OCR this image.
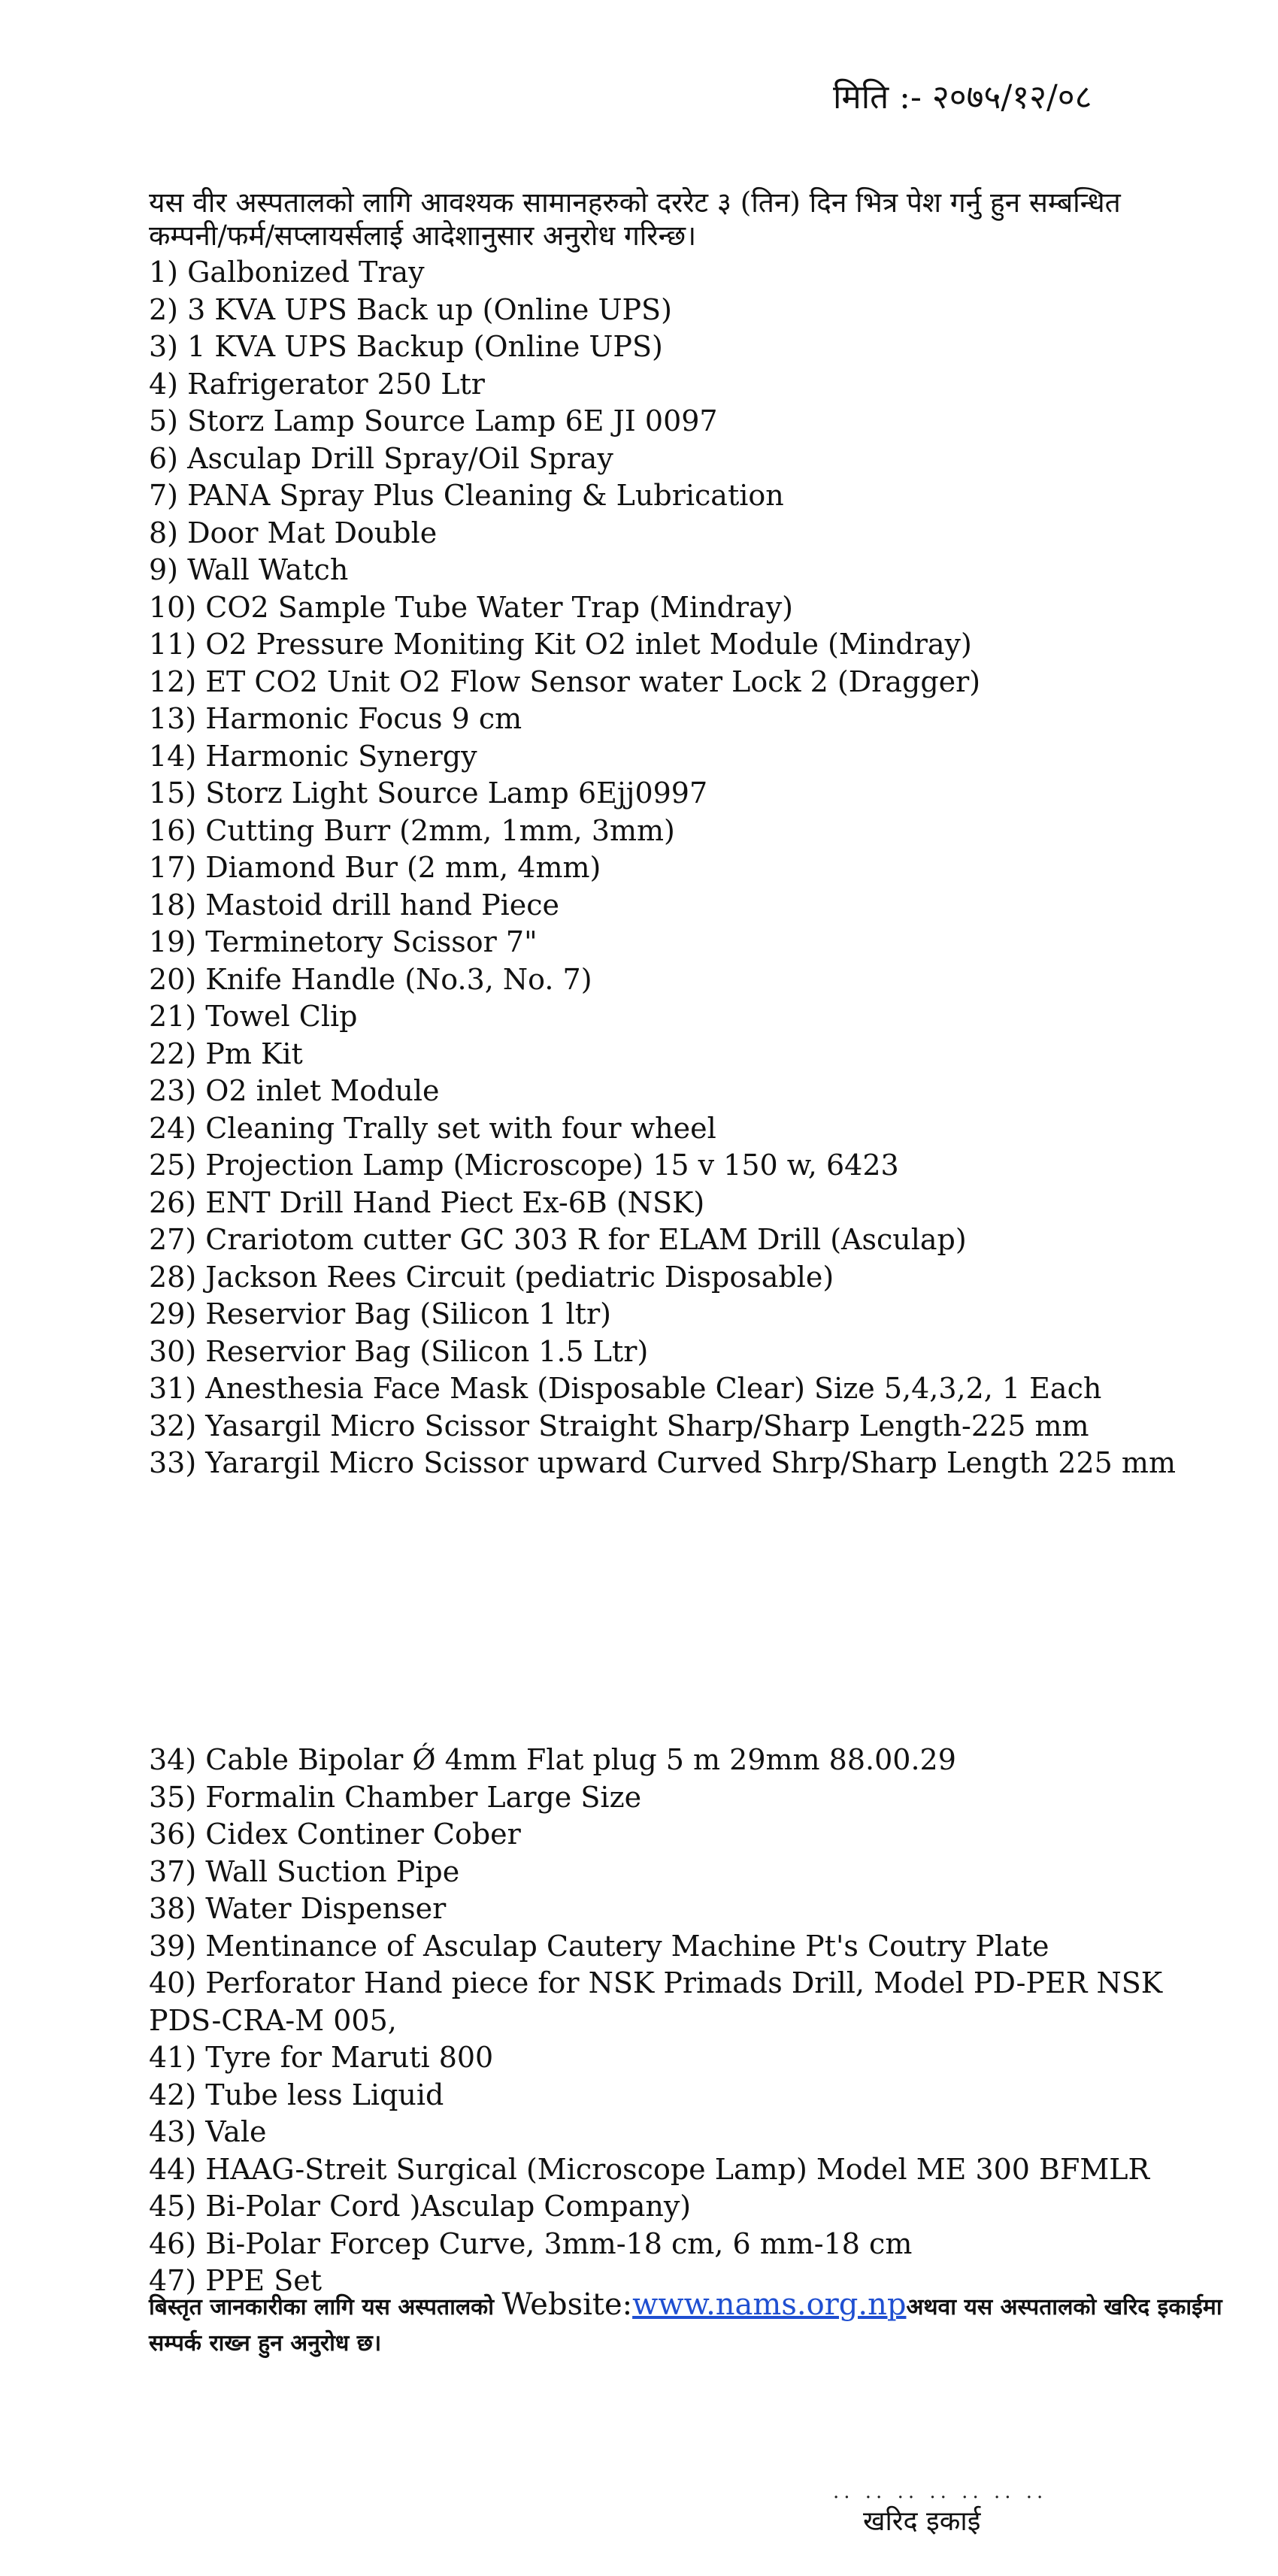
मिति :- २०७५/१२/०८
यस वीर अस्पतालको लागि आवश्यक सामानहरुको दररेट ३ (तिन) दिन भित्र पेश गर्नु हुन सम्बन्धित कम्पनी/फर्म/सप्लायर्सलाई आदेशानुसार अनुरोध गरिन्छ।
1) Galbonized Tray
2) 3 KVA UPS Back up (Online UPS)
3) 1 KVA UPS Backup (Online UPS)
4) Rafrigerator 250 Ltr
5) Storz Lamp Source Lamp 6E JI 0097
6) Asculap Drill Spray/Oil Spray
7) PANA Spray Plus Cleaning & Lubrication
8) Door Mat Double
9) Wall Watch
10) CO2 Sample Tube Water Trap (Mindray)
11) O2 Pressure Moniting Kit O2 inlet Module (Mindray)
12) ET CO2 Unit O2 Flow Sensor water Lock 2 (Dragger)
13) Harmonic Focus 9 cm
14) Harmonic Synergy
15) Storz Light Source Lamp 6Ejj0997
16) Cutting Burr (2mm, 1mm, 3mm)
17) Diamond Bur (2 mm, 4mm)
18) Mastoid drill hand Piece
19) Terminetory Scissor 7"
20) Knife Handle (No.3, No. 7)
21) Towel Clip
22) Pm Kit
23) O2 inlet Module
24) Cleaning Trally set with four wheel
25) Projection Lamp (Microscope) 15 v 150 w, 6423
26) ENT Drill Hand Piect Ex-6B (NSK)
27) Crariotom cutter GC 303 R for ELAM Drill (Asculap)
28) Jackson Rees Circuit (pediatric Disposable)
29) Reservior Bag (Silicon 1 ltr)
30) Reservior Bag (Silicon 1.5 Ltr)
31) Anesthesia Face Mask (Disposable Clear) Size 5,4,3,2, 1 Each
32) Yasargil Micro Scissor Straight Sharp/Sharp Length-225 mm
33) Yarargil Micro Scissor upward Curved Shrp/Sharp Length 225 mm
34) Cable Bipolar Ǿ 4mm Flat plug 5 m 29mm 88.00.29
35) Formalin Chamber Large Size
36) Cidex Continer Cober
37) Wall Suction Pipe
38) Water Dispenser
39) Mentinance of Asculap Cautery Machine Pt's Coutry Plate
40) Perforator Hand piece for NSK Primads Drill, Model PD-PER NSK PDS-CRA-M 005,
41) Tyre for Maruti 800
42) Tube less Liquid
43) Vale
44) HAAG-Streit Surgical (Microscope Lamp) Model ME 300 BFMLR
45) Bi-Polar Cord )Asculap Company)
46) Bi-Polar Forcep Curve, 3mm-18 cm, 6 mm-18 cm
47) PPE Set
बिस्तृत जानकारीका लागि यस अस्पतालको Website:www.nams.org.npअथवा यस अस्पतालको खरिद इकाईमा सम्पर्क राख्न हुन अनुरोध छ।
.. .. .. .. .. .. ..
खरिद इकाई
